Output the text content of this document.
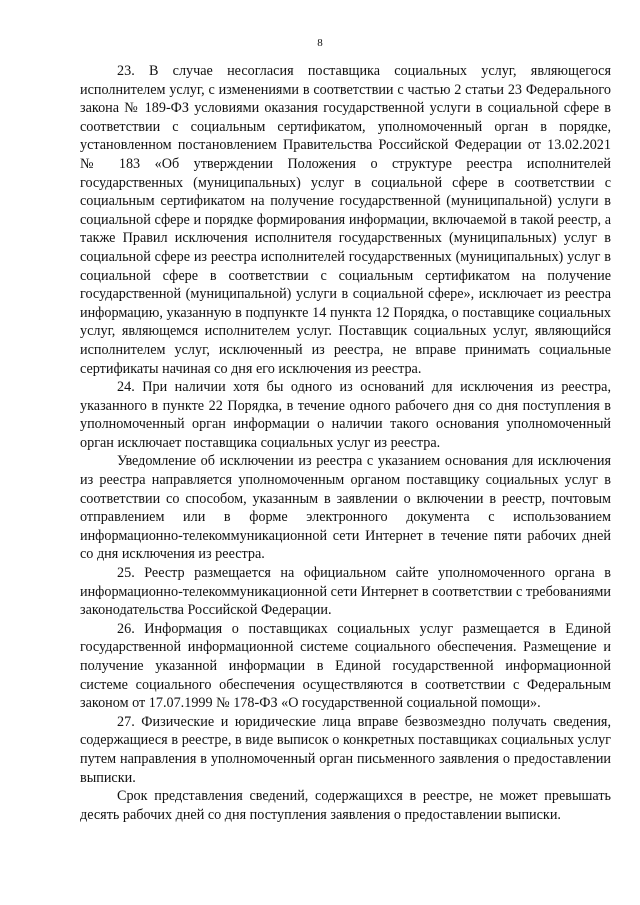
8

23. В случае несогласия поставщика социальных услуг, являющегося исполнителем услуг, с изменениями в соответствии с частью 2 статьи 23 Федерального закона № 189-ФЗ условиями оказания государственной услуги в социальной сфере в соответствии с социальным сертификатом, уполномоченный орган в порядке, установленном постановлением Правительства Российской Федерации от 13.02.2021 № 183 «Об утверждении Положения о структуре реестра исполнителей государственных (муниципальных) услуг в социальной сфере в соответствии с социальным сертификатом на получение государственной (муниципальной) услуги в социальной сфере и порядке формирования информации, включаемой в такой реестр, а также Правил исключения исполнителя государственных (муниципальных) услуг в социальной сфере из реестра исполнителей государственных (муниципальных) услуг в социальной сфере в соответствии с социальным сертификатом на получение государственной (муниципальной) услуги в социальной сфере», исключает из реестра информацию, указанную в подпункте 14 пункта 12 Порядка, о поставщике социальных услуг, являющемся исполнителем услуг. Поставщик социальных услуг, являющийся исполнителем услуг, исключенный из реестра, не вправе принимать социальные сертификаты начиная со дня его исключения из реестра.

24. При наличии хотя бы одного из оснований для исключения из реестра, указанного в пункте 22 Порядка, в течение одного рабочего дня со дня поступления в уполномоченный орган информации о наличии такого основания уполномоченный орган исключает поставщика социальных услуг из реестра.

Уведомление об исключении из реестра с указанием основания для исключения из реестра направляется уполномоченным органом поставщику социальных услуг в соответствии со способом, указанным в заявлении о включении в реестр, почтовым отправлением или в форме электронного документа с использованием информационно-телекоммуникационной сети Интернет в течение пяти рабочих дней со дня исключения из реестра.

25. Реестр размещается на официальном сайте уполномоченного органа в информационно-телекоммуникационной сети Интернет в соответствии с требованиями законодательства Российской Федерации.

26. Информация о поставщиках социальных услуг размещается в Единой государственной информационной системе социального обеспечения. Размещение и получение указанной информации в Единой государственной информационной системе социального обеспечения осуществляются в соответствии с Федеральным законом от 17.07.1999 № 178-ФЗ «О государственной социальной помощи».

27. Физические и юридические лица вправе безвозмездно получать сведения, содержащиеся в реестре, в виде выписок о конкретных поставщиках социальных услуг путем направления в уполномоченный орган письменного заявления о предоставлении выписки.

Срок представления сведений, содержащихся в реестре, не может превышать десять рабочих дней со дня поступления заявления о предоставлении выписки.
